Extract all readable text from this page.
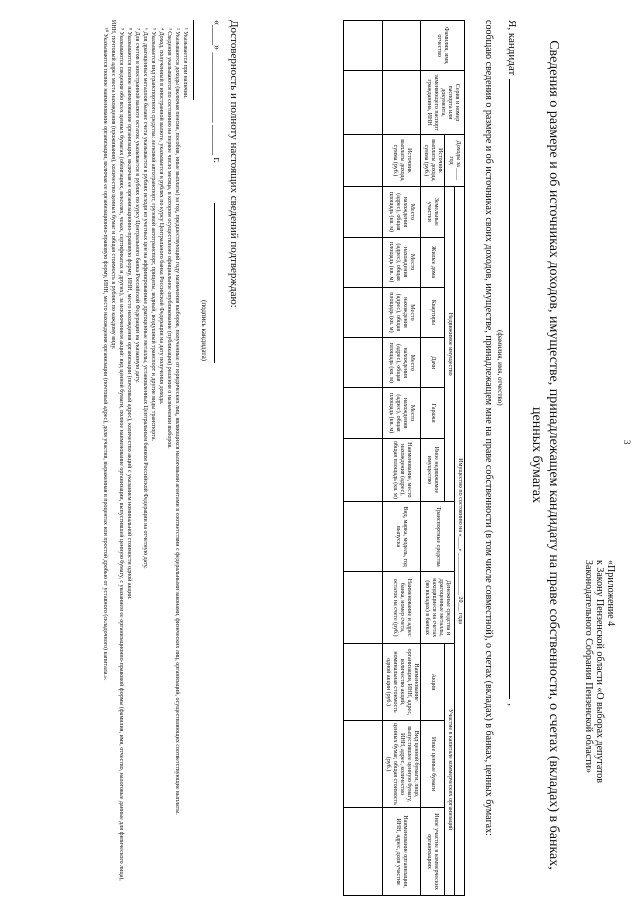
3
«Приложение 4
к Закону Пензенской области «О выборах депутатов
Законодательного Собрания Пензенской области»
Сведения о размере и об источниках доходов, имуществе, принадлежащем кандидату на праве собственности, о счетах (вкладах) в банках, ценных бумагах
Я, кандидат,
(фамилия, имя, отчество)
сообщаю сведения о размере и об источниках своих доходов, имуществе, принадлежащем мне на праве собственности (в том числе совместной), о счетах (вкладах) в банках, ценных бумагах:
Фамилия, имя, отчество	Серия и номер паспорта или документа, заменяющего паспорт гражданина, ИНН	Доходы за ____ год	Имущество по состоянию на «____» ______________ 20___ года										
			Недвижимое имущество						Транспортные средства	Денежные средства и драгоценные металлы, находящиеся на счетах (во вкладах) в банках	Участие в капитале коммерческих организаций		
		Источник выплаты дохода, сумма (руб.)	Земельные участки	Жилые дома	Квартиры	Дачи	Гаражи	Иное недвижимое имущество			Акции	Иные ценные бумаги	Иное участие в коммерческих организациях
		Источник выплаты дохода, сумма (руб.)	Место нахождения (адрес), общая площадь (кв. м)	Место нахождения (адрес), общая площадь (кв. м)	Место нахождения (адрес), общая площадь (кв. м)	Место нахождения (адрес), общая площадь (кв. м)	Место нахождения (адрес), общая площадь (кв. м)	Наименование, место нахождения (адрес), общая площадь (кв. м)	Вид, марка, модель, год выпуска	Наименование и адрес банка, номер счета, остаток на счете (руб.)	Наименование организации, ИНН, адрес, количество акций, номинальная стоимость одной акции (руб.)	Вид ценной бумаги, лицо, выпустившее ценную бумагу, ИНН, адрес, количество ценных бумаг, общая стоимость (руб.)	Наименование организации, ИНН, адрес, доля участия

Достоверность и полноту настоящих сведений подтверждаю:
«____» ______________ ______ г.
(подпись кандидата)

¹ Указывается при наличии.

² Указываются доходы (включая пенсии, пособия, иные выплаты) за год, предшествующий году назначения выборов, полученные от юридических лиц, являющихся налоговыми агентами в соответствии с федеральными законами, физических лиц, организаций, осуществляющих соответствующие выплаты.

³ Сведения указываются по состоянию на первое число месяца, в котором осуществлено официальное опубликование (публикация) решения о назначении выборов.

⁴ Доход, полученный в иностранной валюте, указывается в рублях по курсу Центрального банка Российской Федерации на дату получения дохода.

⁵ Указывается вид транспортного средства: легковой автотранспорт, грузовой автотранспорт, прицепы, водный, воздушный транспорт и другие виды транспорта.

⁶ Для драгоценных металлов баланс счета указывается в рублях исходя из учетных цен на аффинированные драгоценные металлы, установленных Центральным банком Российской Федерации на отчетную дату.

⁷ Для счетов в иностранной валюте остаток указывается в рублях по курсу Центрального банка Российской Федерации на указанную дату.

⁸ Указываются полное наименование организации, включая ее организационно-правовую форму, ИНН, место нахождения организации (почтовый адрес), количество акций с указанием номинальной стоимости одной акции.

⁹ Указываются сведения обо всех ценных бумагах (облигациях, векселях, чеках, сертификатах и других), за исключением акций: вид ценной бумаги, полное наименование организации, выпустившей ценную бумагу, с указанием ее организационно-правовой формы (фамилия, имя, отчество, налоговые данные для физического лица), ИНН, почтовый адрес места нахождения (проживания), количество ценных бумаг и общая стоимость в рублях по каждому виду.

¹⁰ Указываются полное наименование организации, включая ее организационно-правовую форму, ИНН, место нахождения организации (почтовый адрес), доля участия, выраженная в процентах или простой дробью от уставного (складочного) капитала.».
